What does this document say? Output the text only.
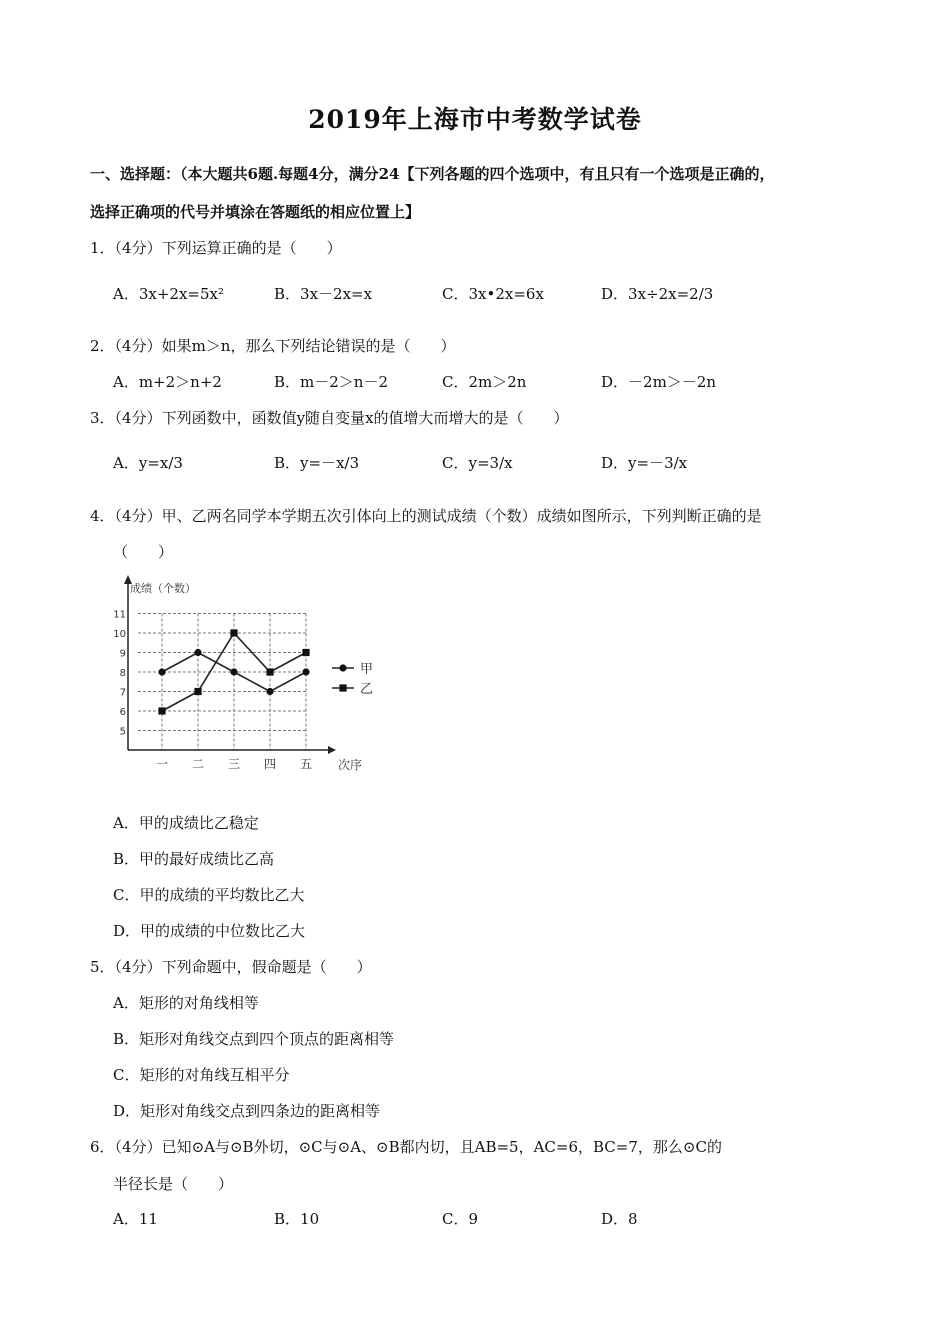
2019年上海市中考数学试卷
一、选择题：（本大题共6题.每题4分，满分24【下列各题的四个选项中，有且只有一个选项是正确的，
选择正确项的代号并填涂在答题纸的相应位置上】
1．（4分）下列运算正确的是（　　）
A．3x+2x=5x²	B．3x－2x=x	C．3x•2x=6x	D．3x÷2x=2/3
2．（4分）如果m＞n，那么下列结论错误的是（　　）
A．m+2＞n+2	B．m－2＞n－2	C．2m＞2n	D．－2m＞－2n
3．（4分）下列函数中，函数值y随自变量x的值增大而增大的是（　　）
A．y=x/3	B．y=－x/3	C．y=3/x	D．y=－3/x
4．（4分）甲、乙两名同学本学期五次引体向上的测试成绩（个数）成绩如图所示，下列判断正确的是
（　　）
5
6
7
8
9
10
11
一 二 三 四 五
甲
乙
成绩（个数）
次序
A．甲的成绩比乙稳定
B．甲的最好成绩比乙高
C．甲的成绩的平均数比乙大
D．甲的成绩的中位数比乙大
5．（4分）下列命题中，假命题是（　　）
A．矩形的对角线相等
B．矩形对角线交点到四个顶点的距离相等
C．矩形的对角线互相平分
D．矩形对角线交点到四条边的距离相等
6．（4分）已知⊙A与⊙B外切，⊙C与⊙A、⊙B都内切，且AB=5，AC=6，BC=7，那么⊙C的
半径长是（　　）
A．11	B．10	C．9	D．8
